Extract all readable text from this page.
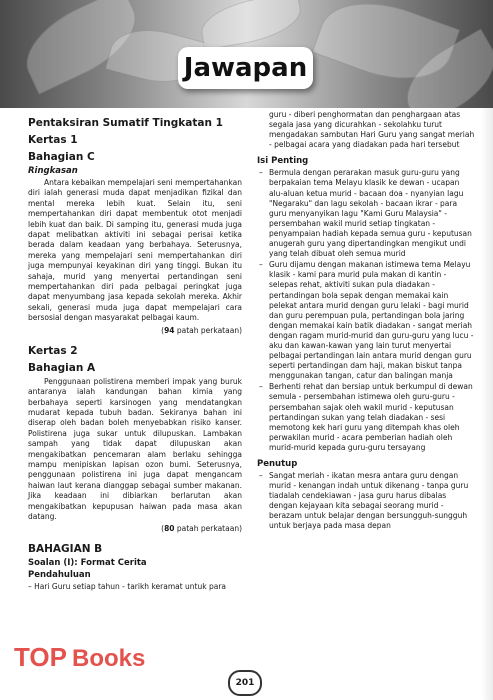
Jawapan
Pentaksiran Sumatif Tingkatan 1
Kertas 1
Bahagian C
Ringkasan

Antara kebaikan mempelajari seni mempertahankan diri ialah generasi muda dapat menjadikan fizikal dan mental mereka lebih kuat. Selain itu, seni mempertahankan diri dapat membentuk otot menjadi lebih kuat dan baik. Di samping itu, generasi muda juga dapat melibatkan aktiviti ini sebagai perisai ketika berada dalam keadaan yang berbahaya. Seterusnya, mereka yang mempelajari seni mempertahankan diri juga mempunyai keyakinan diri yang tinggi. Bukan itu sahaja, murid yang menyertai pertandingan seni mempertahankan diri pada pelbagai peringkat juga dapat menyumbang jasa kepada sekolah mereka. Akhir sekali, generasi muda juga dapat mempelajari cara bersosial dengan masyarakat pelbagai kaum.

(94 patah perkataan)

Kertas 2
Bahagian A

Penggunaan polistirena memberi impak yang buruk antaranya ialah kandungan bahan kimia yang berbahaya seperti karsinogen yang mendatangkan mudarat kepada tubuh badan. Sekiranya bahan ini diserap oleh badan boleh menyebabkan risiko kanser. Polistirena juga sukar untuk dilupuskan. Lambakan sampah yang tidak dapat dilupuskan akan mengakibatkan pencemaran alam berlaku sehingga mampu menipiskan lapisan ozon bumi. Seterusnya, penggunaan polistirena ini juga dapat mengancam haiwan laut kerana dianggap sebagai sumber makanan. Jika keadaan ini dibiarkan berlarutan akan mengakibatkan kepupusan haiwan pada masa akan datang.

(80 patah perkataan)

BAHAGIAN B
Soalan (I): Format Cerita
Pendahuluan
– Hari Guru setiap tahun - tarikh keramat untuk para
guru - diberi penghormatan dan penghargaan atas segala jasa yang dicurahkan - sekolahku turut mengadakan sambutan Hari Guru yang sangat meriah - pelbagai acara yang diadakan pada hari tersebut
Isi Penting
– Bermula dengan perarakan masuk guru-guru yang berpakaian tema Melayu klasik ke dewan - ucapan alu-aluan ketua murid - bacaan doa - nyanyian lagu "Negaraku" dan lagu sekolah - bacaan ikrar - para guru menyanyikan lagu "Kami Guru Malaysia" - persembahan wakil murid setiap tingkatan - penyampaian hadiah kepada semua guru - keputusan anugerah guru yang dipertandingkan mengikut undi yang telah dibuat oleh semua murid
– Guru dijamu dengan makanan istimewa tema Melayu klasik - kami para murid pula makan di kantin - selepas rehat, aktiviti sukan pula diadakan - pertandingan bola sepak dengan memakai kain pelekat antara murid dengan guru lelaki - bagi murid dan guru perempuan pula, pertandingan bola jaring dengan memakai kain batik diadakan - sangat meriah dengan ragam murid-murid dan guru-guru yang lucu - aku dan kawan-kawan yang lain turut menyertai pelbagai pertandingan lain antara murid dengan guru seperti pertandingan dam haji, makan biskut tanpa menggunakan tangan, catur dan balingan manja
– Berhenti rehat dan bersiap untuk berkumpul di dewan semula - persembahan istimewa oleh guru-guru - persembahan sajak oleh wakil murid - keputusan pertandingan sukan yang telah diadakan - sesi memotong kek hari guru yang ditempah khas oleh perwakilan murid - acara pemberian hadiah oleh murid-murid kepada guru-guru tersayang
Penutup
– Sangat meriah - ikatan mesra antara guru dengan murid - kenangan indah untuk dikenang - tanpa guru tiadalah cendekiawan - jasa guru harus dibalas dengan kejayaan kita sebagai seorang murid - berazam untuk belajar dengan bersungguh-sungguh untuk berjaya pada masa depan
TOP Books
201
